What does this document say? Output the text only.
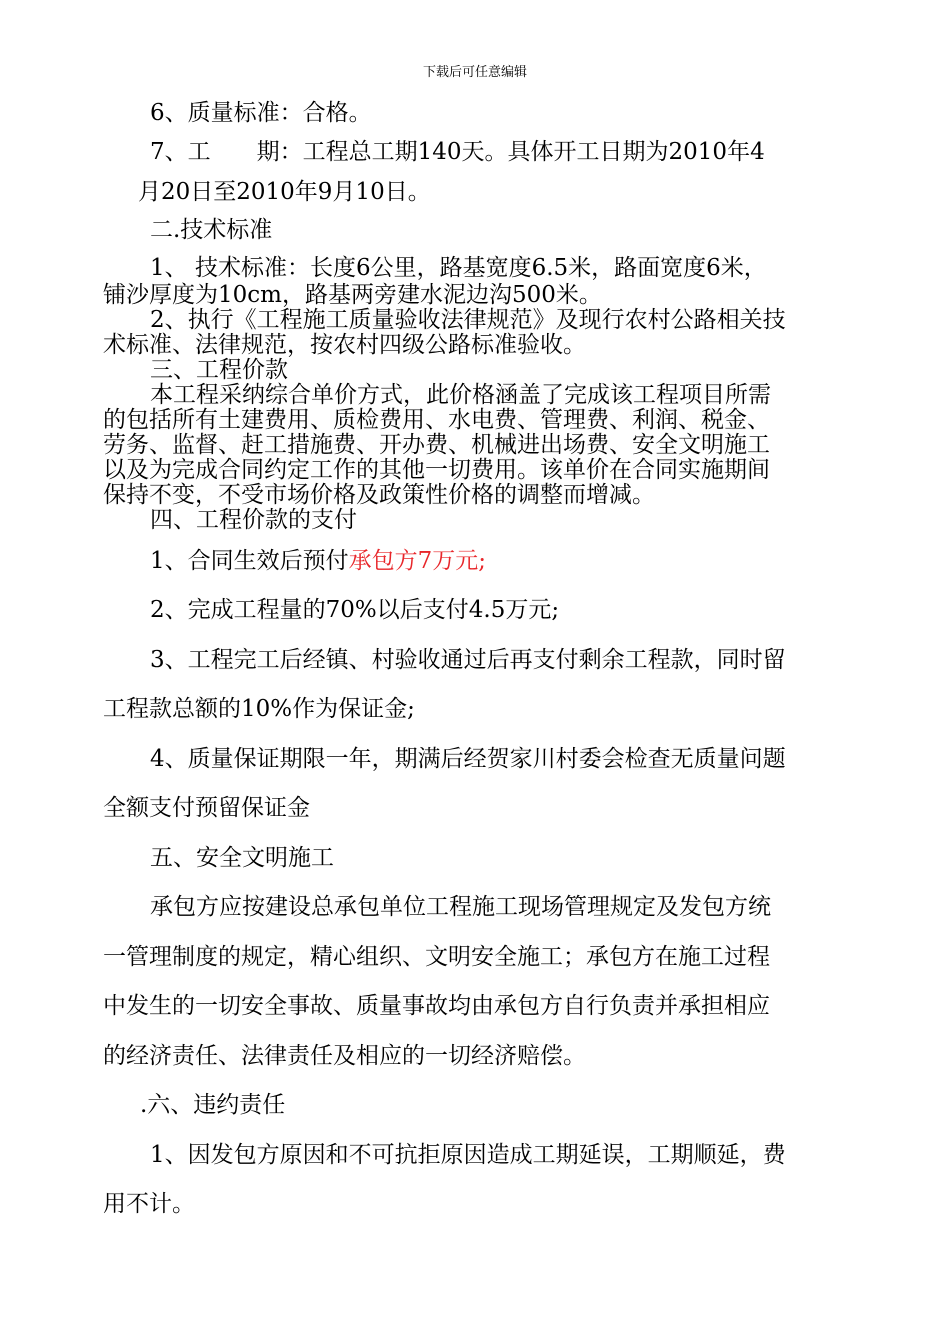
下载后可任意编辑
6、质量标准：合格。
7、工　　期：工程总工期140天。具体开工日期为2010年4
月20日至2010年9月10日。
二.技术标准
1、 技术标准：长度6公里，路基宽度6.5米，路面宽度6米，
铺沙厚度为10cm，路基两旁建水泥边沟500米。
2、执行《工程施工质量验收法律规范》及现行农村公路相关技
术标准、法律规范，按农村四级公路标准验收。
三、工程价款
本工程采纳综合单价方式，此价格涵盖了完成该工程项目所需
的包括所有土建费用、质检费用、水电费、管理费、利润、税金、
劳务、监督、赶工措施费、开办费、机械进出场费、安全文明施工
以及为完成合同约定工作的其他一切费用。该单价在合同实施期间
保持不变，不受市场价格及政策性价格的调整而增减。
四、工程价款的支付
1、合同生效后预付承包方7万元;
2、完成工程量的70%以后支付4.5万元;
3、工程完工后经镇、村验收通过后再支付剩余工程款，同时留
工程款总额的10%作为保证金;
4、质量保证期限一年，期满后经贺家川村委会检查无质量问题
全额支付预留保证金
五、安全文明施工
承包方应按建设总承包单位工程施工现场管理规定及发包方统
一管理制度的规定，精心组织、文明安全施工；承包方在施工过程
中发生的一切安全事故、质量事故均由承包方自行负责并承担相应
的经济责任、法律责任及相应的一切经济赔偿。
.六、违约责任
1、因发包方原因和不可抗拒原因造成工期延误，工期顺延，费
用不计。
